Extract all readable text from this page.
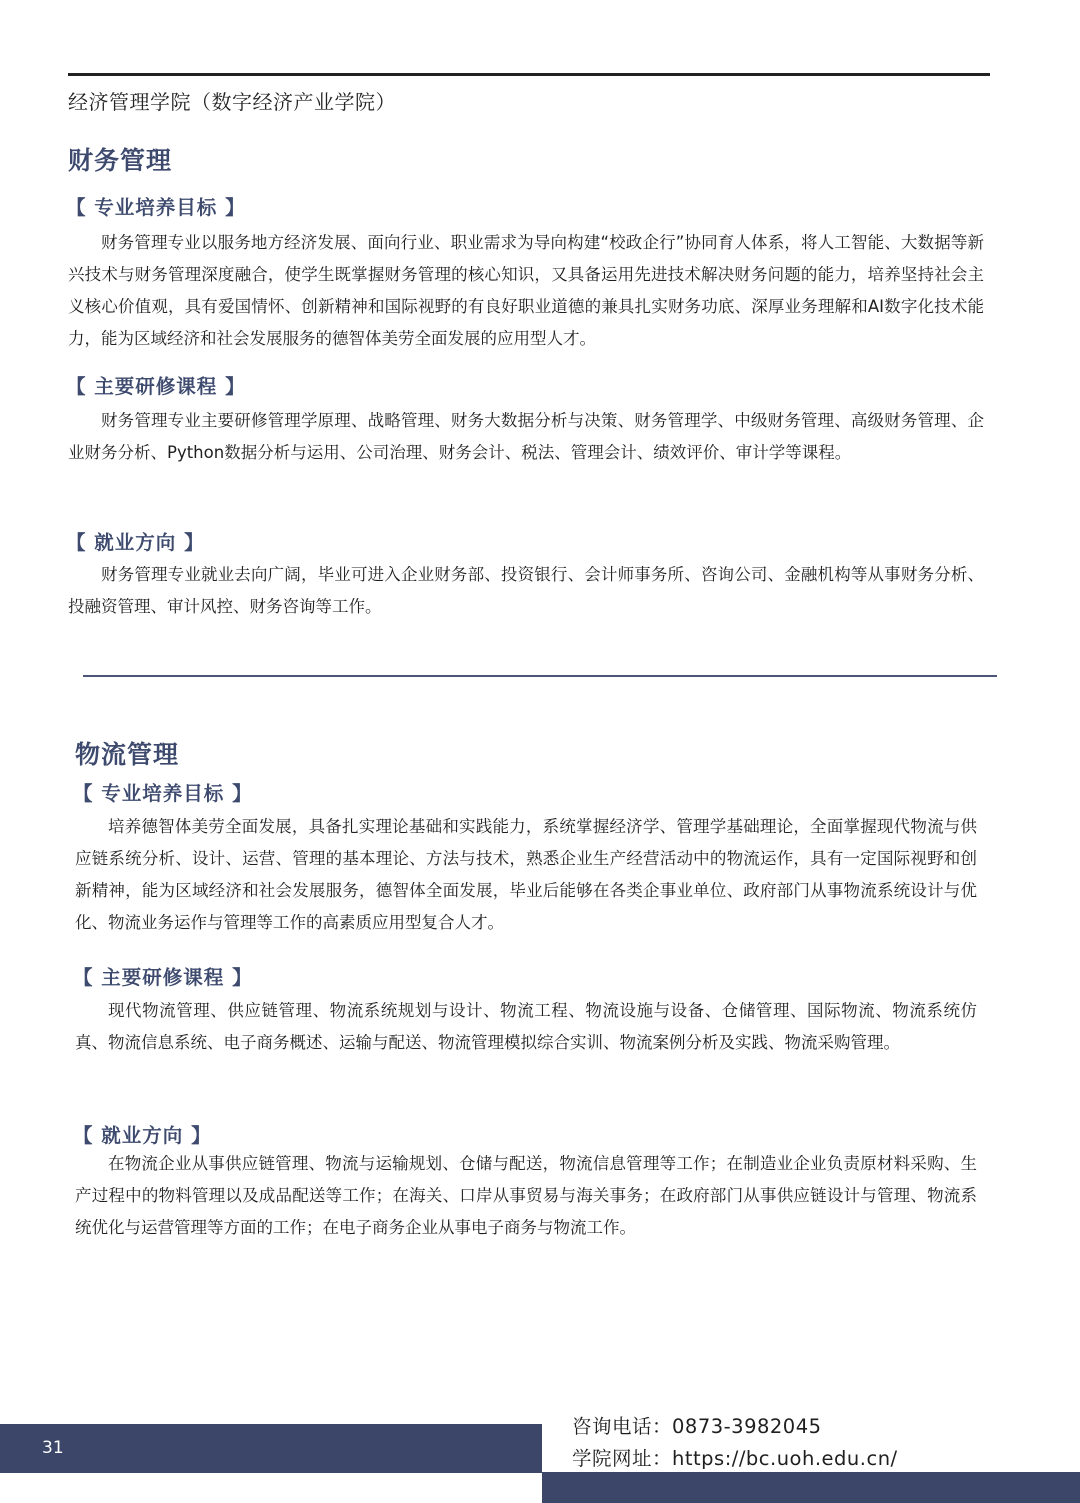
经济管理学院（数字经济产业学院）
财务管理
【 专业培养目标 】

财务管理专业以服务地方经济发展、面向行业、职业需求为导向构建“校政企行”协同育人体系，将人工智能、大数据等新兴技术与财务管理深度融合，使学生既掌握财务管理的核心知识，又具备运用先进技术解决财务问题的能力，培养坚持社会主义核心价值观，具有爱国情怀、创新精神和国际视野的有良好职业道德的兼具扎实财务功底、深厚业务理解和AI数字化技术能力，能为区域经济和社会发展服务的德智体美劳全面发展的应用型人才。

【 主要研修课程 】

财务管理专业主要研修管理学原理、战略管理、财务大数据分析与决策、财务管理学、中级财务管理、高级财务管理、企业财务分析、Python数据分析与运用、公司治理、财务会计、税法、管理会计、绩效评价、审计学等课程。

【 就业方向 】

财务管理专业就业去向广阔，毕业可进入企业财务部、投资银行、会计师事务所、咨询公司、金融机构等从事财务分析、投融资管理、审计风控、财务咨询等工作。

物流管理
【 专业培养目标 】

培养德智体美劳全面发展，具备扎实理论基础和实践能力，系统掌握经济学、管理学基础理论，全面掌握现代物流与供应链系统分析、设计、运营、管理的基本理论、方法与技术，熟悉企业生产经营活动中的物流运作，具有一定国际视野和创新精神，能为区域经济和社会发展服务，德智体全面发展，毕业后能够在各类企事业单位、政府部门从事物流系统设计与优化、物流业务运作与管理等工作的高素质应用型复合人才。

【 主要研修课程 】

现代物流管理、供应链管理、物流系统规划与设计、物流工程、物流设施与设备、仓储管理、国际物流、物流系统仿真、物流信息系统、电子商务概述、运输与配送、物流管理模拟综合实训、物流案例分析及实践、物流采购管理。

【 就业方向 】

在物流企业从事供应链管理、物流与运输规划、仓储与配送，物流信息管理等工作；在制造业企业负责原材料采购、生产过程中的物料管理以及成品配送等工作；在海关、口岸从事贸易与海关事务；在政府部门从事供应链设计与管理、物流系统优化与运营管理等方面的工作；在电子商务企业从事电子商务与物流工作。

31
咨询电话：0873-3982045
学院网址：https://bc.uoh.edu.cn/
